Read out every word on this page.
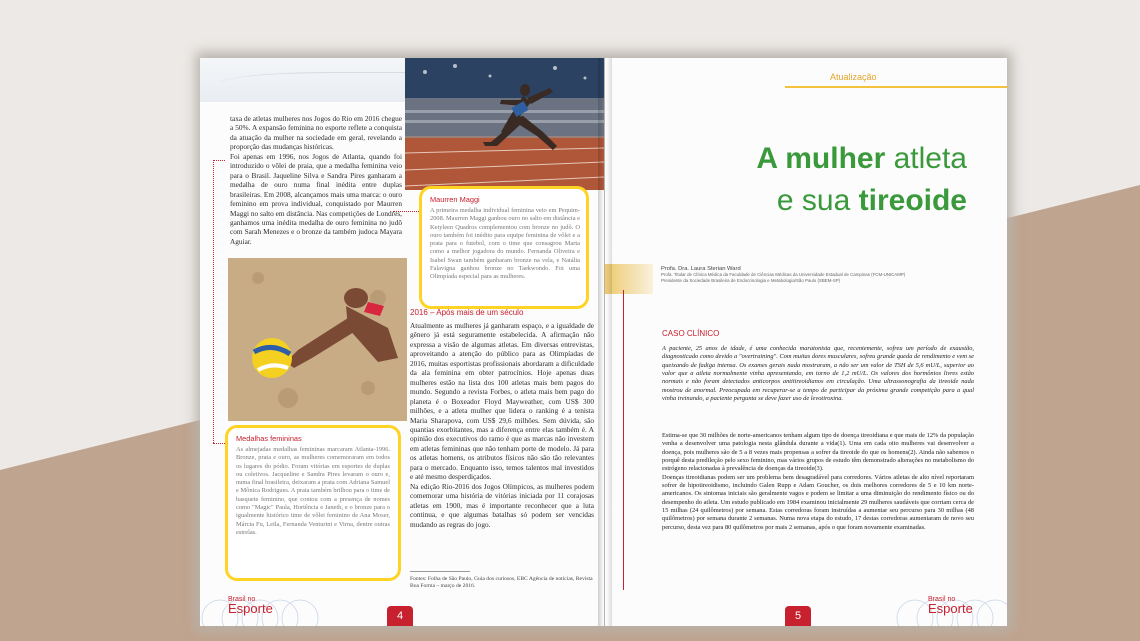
taxa de atletas mulheres nos Jogos do Rio em 2016 chegue a 50%. A expansão feminina no esporte reflete a conquista da atuação da mulher na sociedade em geral, revelando a proporção das mudanças históricas.

Foi apenas em 1996, nos Jogos de Atlanta, quando foi introduzido o vôlei de praia, que a medalha feminina veio para o Brasil. Jaqueline Silva e Sandra Pires ganharam a medalha de ouro numa final inédita entre duplas brasileiras. Em 2008, alcançamos mais uma marca: o ouro feminino em prova individual, conquistado por Maurren Maggi no salto em distância. Nas competições de Londres, ganhamos uma inédita medalha de ouro feminina no judô com Sarah Menezes e o bronze da também judoca Mayara Aguiar.

Maurren Maggi

A primeira medalha individual feminina veio em Pequim-2008. Maurren Maggi ganhou ouro no salto em distância e Ketyleen Quadros complementou com bronze no judô. O ouro também foi inédito para equipe feminina de vôlei e a prata para o futebol, com o time que consagrou Marta como a melhor jogadora do mundo. Fernanda Oliveira e Isabel Swan também ganharam bronze na vela, e Natália Falavigna ganhou bronze no Taekwondo. Foi uma Olimpíada especial para as mulheres.

2016 – Após mais de um século

Atualmente as mulheres já ganharam espaço, e a igualdade de gênero já está seguramente estabelecida. A afirmação não expressa a visão de algumas atletas. Em diversas entrevistas, aproveitando a atenção do público para as Olimpíadas de 2016, muitas esportistas profissionais abordaram a dificuldade da ala feminina em obter patrocínios. Hoje apenas duas mulheres estão na lista dos 100 atletas mais bem pagos do mundo. Segundo a revista Forbes, o atleta mais bem pago do planeta é o Boxeador Floyd Mayweather, com US$ 300 milhões, e a atleta mulher que lidera o ranking é a tenista Maria Sharapova, com US$ 29,6 milhões. Sem dúvida, são quantias exorbitantes, mas a diferença entre elas também é. A opinião dos executivos do ramo é que as marcas não investem em atletas femininas que não tenham porte de modelo. Já para os atletas homens, os atributos físicos não são tão relevantes para o mercado. Enquanto isso, temos talentos mal investidos e até mesmo desperdiçados.

Na edição Rio-2016 dos Jogos Olímpicos, as mulheres podem comemorar uma história de vitórias iniciada por 11 corajosas atletas em 1900, mas é importante reconhecer que a luta continua, e que algumas batalhas só podem ser vencidas mudando as regras do jogo.

Medalhas femininas

As almejadas medalhas femininas marcaram Atlanta-1996. Bronze, prata e ouro, as mulheres comemoraram em todos os lugares do pódio. Foram vitórias em esportes de duplas ou coletivos. Jacqueline e Sandra Pires levaram o ouro e, numa final brasileira, deixaram a prata com Adriana Samuel e Mônica Rodrigues. A prata também brilhou para o time de basquete feminino, que contou com a presença de nomes como "Magic" Paula, Hortência e Janeth, e o bronze para o igualmente histórico time de vôlei feminino de Ana Moser, Márcia Fu, Leila, Fernanda Venturini e Virna, dentre outras estrelas.

Fontes: Folha de São Paulo, Guia dos curiosos, EBC Agência de notícias, Revista Boa Forma – março de 2016.
Brasil no
Esporte	4
Atualização
A mulher atleta
e sua tireoide
Profa. Dra. Laura Sterian Ward
Profa. Titular de Clínica Médica da Faculdade de Ciências Médicas da Universidade Estadual de Campinas (FCM-UNICAMP)
Presidente da Sociedade Brasileira de Endocrinologia e Metabologia/São Paulo (SBEM-SP)
CASO CLÍNICO

A paciente, 25 anos de idade, é uma conhecida maratonista que, recentemente, sofreu um período de exaustão, diagnosticado como devido a "overtraining". Com muitas dores musculares, sofreu grande queda de rendimento e vem se queixando de fadiga intensa. Os exames gerais nada mostraram, a não ser um valor de TSH de 5,6 mU/L, superior ao valor que a atleta normalmente vinha apresentando, em torno de 1,2 mU/L. Os valores dos hormônios livres estão normais e não foram detectados anticorpos antitireoidianos em circulação. Uma ultrassonografia da tireoide nada mostrou de anormal. Preocupada em recuperar-se a tempo de participar da próxima grande competição para a qual vinha treinando, a paciente pergunta se deve fazer uso de levotiroxina.

Estima-se que 30 milhões de norte-americanos tenham algum tipo de doença tireoidiana e que mais de 12% da população venha a desenvolver uma patologia nesta glândula durante a vida(1). Uma em cada oito mulheres vai desenvolver a doença, pois mulheres são de 5 a 8 vezes mais propensas a sofrer da tireoide do que os homens(2). Ainda não sabemos o porquê desta predileção pelo sexo feminino, mas vários grupos de estudo têm demonstrado alterações no metabolismo do estrógeno relacionadas à prevalência de doenças da tireoide(3).

Doenças tireoidianas podem ser um problema bem desagradável para corredores. Vários atletas de alto nível reportaram sofrer de hipotireoidismo, incluindo Galen Rupp e Adam Goucher, os dois melhores corredores de 5 e 10 km norte-americanos. Os sintomas iniciais são geralmente vagos e podem se limitar a uma diminuição do rendimento físico ou do desempenho do atleta. Um estudo publicado em 1984 examinou inicialmente 29 mulheres saudáveis que corriam cerca de 15 milhas (24 quilômetros) por semana. Estas corredoras foram instruídas a aumentar seu percurso para 30 milhas (48 quilômetros) por semana durante 2 semanas. Numa nova etapa do estudo, 17 destas corredoras aumentaram de novo seu percurso, desta vez para 80 quilômetros por mais 2 semanas, após o que foram novamente examinadas.

Brasil no
Esporte
5
